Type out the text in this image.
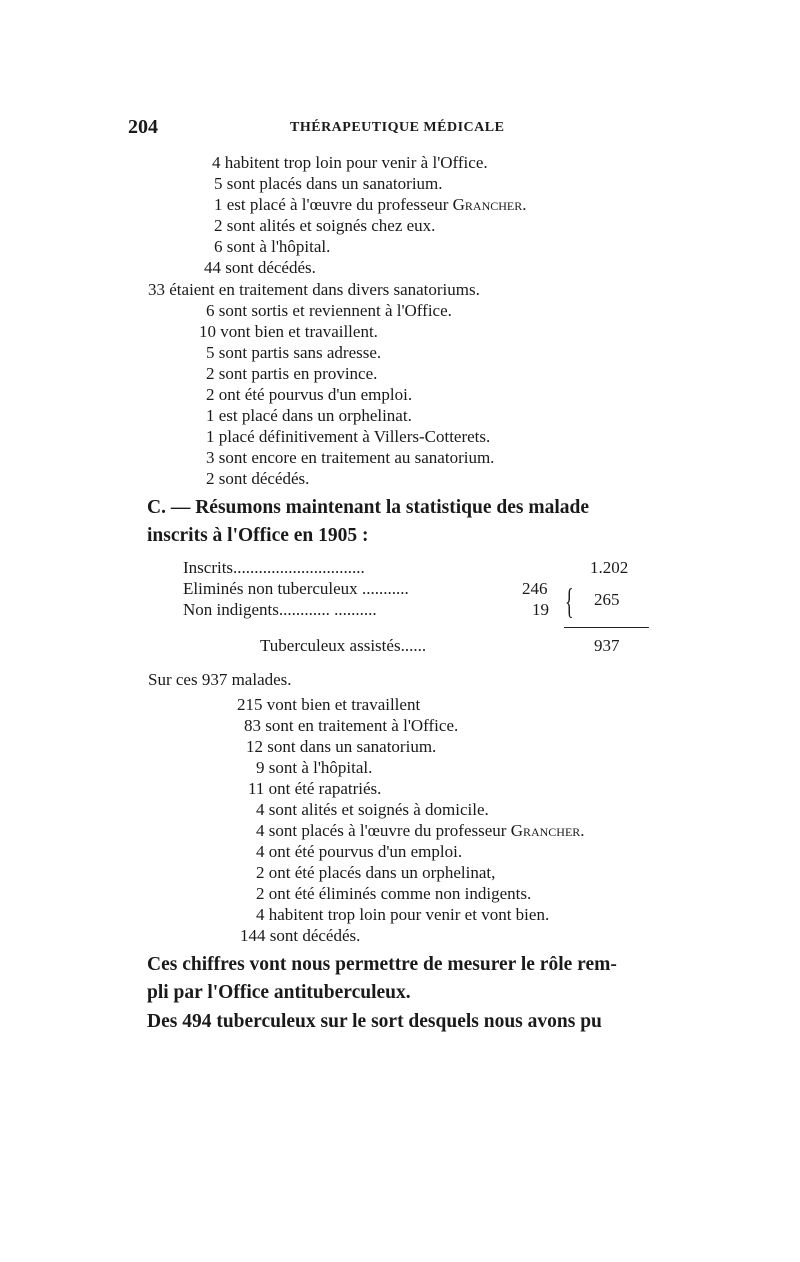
204	THÉRAPEUTIQUE MÉDICALE
4 habitent trop loin pour venir à l'Office.
5 sont placés dans un sanatorium.
1 est placé à l'œuvre du professeur Grancher.
2 sont alités et soignés chez eux.
6 sont à l'hôpital.
44 sont décédés.
33 étaient en traitement dans divers sanatoriums.
6 sont sortis et reviennent à l'Office.
10 vont bien et travaillent.
5 sont partis sans adresse.
2 sont partis en province.
2 ont été pourvus d'un emploi.
1 est placé dans un orphelinat.
1 placé définitivement à Villers-Cotterets.
3 sont encore en traitement au sanatorium.
2 sont décédés.
C. — Résumons maintenant la statistique des malade
inscrits à l'Office en 1905 :
Inscrits...............................	1.202
Eliminés non tuberculeux ...........	246
Non indigents............ ..........	19 { 265
Tuberculeux assistés......	937
Sur ces 937 malades.
215 vont bien et travaillent
83 sont en traitement à l'Office.
12 sont dans un sanatorium.
9 sont à l'hôpital.
11 ont été rapatriés.
4 sont alités et soignés à domicile.
4 sont placés à l'œuvre du professeur Grancher.
4 ont été pourvus d'un emploi.
2 ont été placés dans un orphelinat,
2 ont été éliminés comme non indigents.
4 habitent trop loin pour venir et vont bien.
144 sont décédés.
Ces chiffres vont nous permettre de mesurer le rôle rem-
pli par l'Office antituberculeux.
Des 494 tuberculeux sur le sort desquels nous avons pu
